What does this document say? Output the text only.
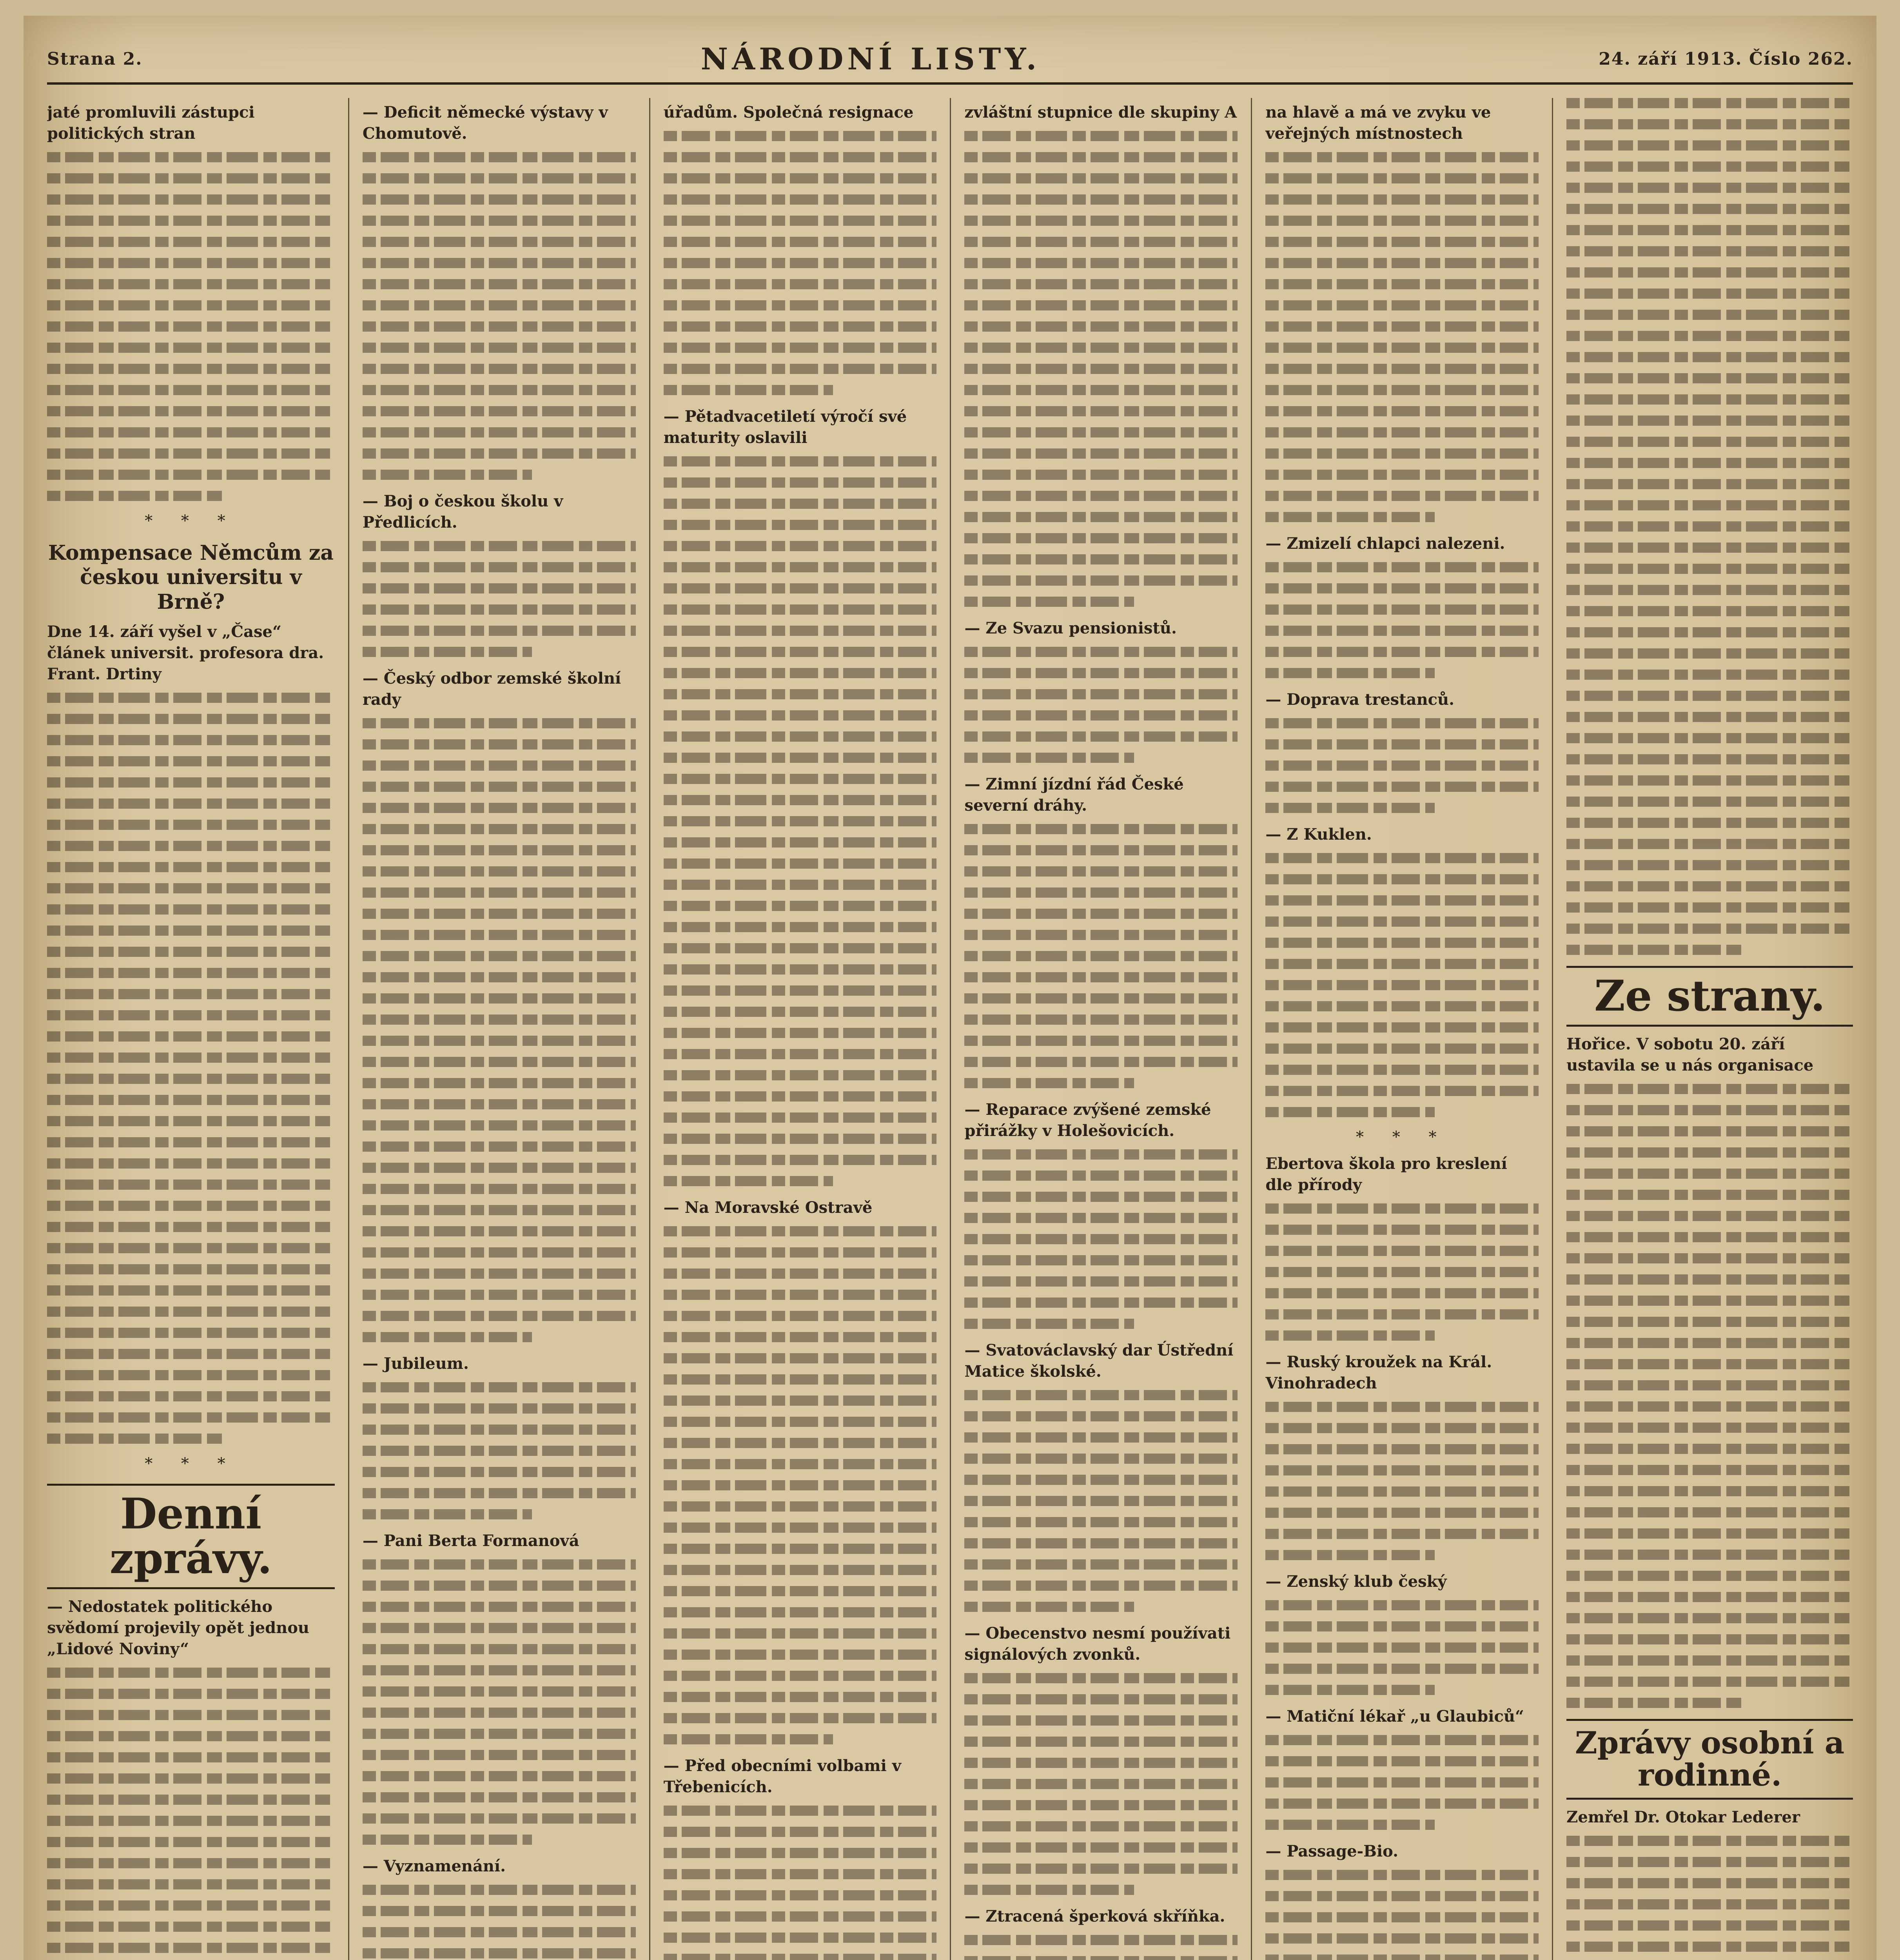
Strana 2.	NÁRODNÍ LISTY.	24. září 1913. Číslo 262.
jaté promluvili zástupci politických stran
* * *
Kompensace Němcům za českou universitu v Brně?
Dne 14. září vyšel v „Čase“ článek universit. profesora dra. Frant. Drtiny
* * *
Denní zprávy.
— Nedostatek politického svědomí projevily opět jednou „Lidové Noviny“
— Deficit německé výstavy v Chomutově.
— Boj o českou školu v Předlicích.
— Český odbor zemské školní rady
— Jubileum.
— Pani Berta Formanová
— Vyznamenání.
úřadům. Společná resignace
— Pětadvacetiletí výročí své maturity oslavili
— Na Moravské Ostravě
— Před obecními volbami v Třebenicích.
zvláštní stupnice dle skupiny A
— Ze Svazu pensionistů.
— Zimní jízdní řád České severní dráhy.
— Reparace zvýšené zemské přirážky v Holešovicích.
— Svatováclavský dar Ústřední Matice školské.
— Obecenstvo nesmí používati signálových zvonků.
— Ztracená šperková skříňka.
na hlavě a má ve zvyku ve veřejných místnostech
— Zmizelí chlapci nalezeni.
— Doprava trestanců.
— Z Kuklen.
* * *
Ebertova škola pro kreslení dle přírody
— Ruský kroužek na Král. Vinohradech
— Zenský klub český
— Matiční lékař „u Glaubiců“
— Passage-Bio.
Ze strany.
Hořice. V sobotu 20. září ustavila se u nás organisace
Zprávy osobní a rodinné.
Zemřel Dr. Otokar Lederer
